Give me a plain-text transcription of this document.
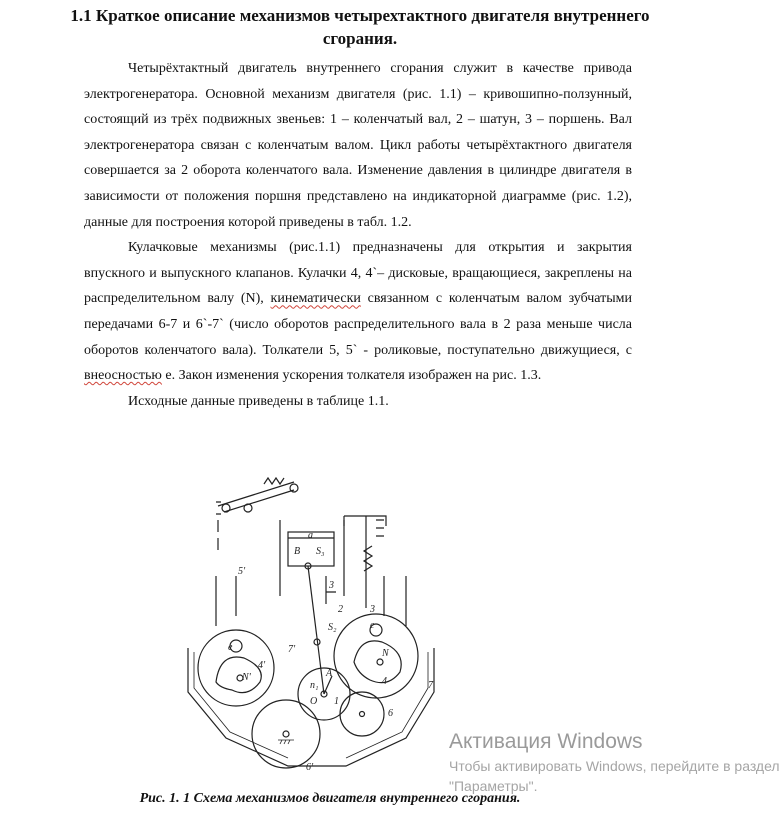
1.1 Краткое описание механизмов четырехтактного двигателя внутреннего сгорания.

Четырёхтактный двигатель внутреннего сгорания служит в качестве привода электрогенератора. Основной механизм двигателя (рис. 1.1) – кривошипно-ползунный, состоящий из трёх подвижных звеньев: 1 – коленчатый вал, 2 – шатун, 3 – поршень. Вал электрогенератора связан с коленчатым валом. Цикл работы четырёхтактного двигателя совершается за 2 оборота коленчатого вала. Изменение давления в цилиндре двигателя в зависимости от положения поршня представлено на индикаторной диаграмме (рис. 1.2), данные для построения которой приведены в табл. 1.2.

Кулачковые механизмы (рис.1.1) предназначены для открытия и закрытия впускного и выпускного клапанов. Кулачки 4, 4`– дисковые, вращающиеся, закреплены на распределительном валу (N), кинематически связанном с коленчатым валом зубчатыми передачами 6-7 и 6`-7` (число оборотов распределительного вала в 2 раза меньше числа оборотов коленчатого вала). Толкатели 5, 5` - роликовые, поступательно движущиеся, с внеосностью е. Закон изменения ускорения толкателя изображен на рис. 1.3.

Исходные данные приведены в таблице 1.1.

а
В S₃
3
5'
2
S₂
3
e
e	7'
4'
N'
N
4	7
6
6'
А
n₁
О 1
Рис. 1. 1 Схема механизмов двигателя внутреннего сгорания.
Активация Windows
Чтобы активировать Windows, перейдите в раздел
"Параметры".
